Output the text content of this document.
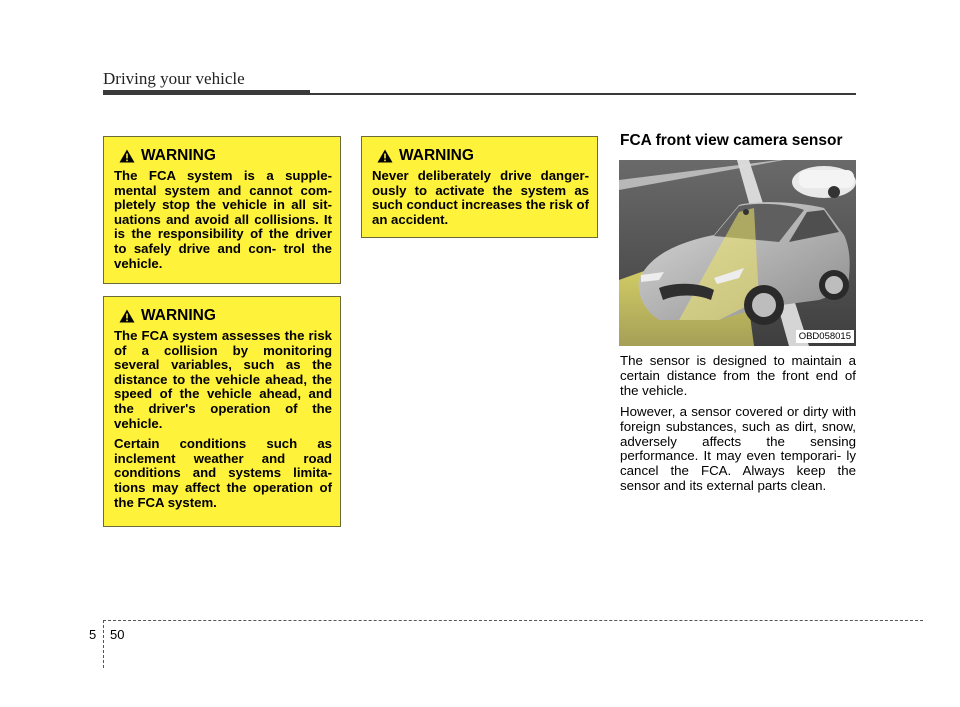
Driving your vehicle
WARNING

The FCA system is a supple- mental system and cannot com- pletely stop the vehicle in all sit- uations and avoid all collisions. It is the responsibility of the driver to safely drive and con- trol the vehicle.

WARNING

The FCA system assesses the risk of a collision by monitoring several variables, such as the distance to the vehicle ahead, the speed of the vehicle ahead, and the driver's operation of the vehicle.

Certain conditions such as inclement weather and road conditions and systems limita- tions may affect the operation of the FCA system.

WARNING

Never deliberately drive danger- ously to activate the system as such conduct increases the risk of an accident.

FCA front view camera sensor
OBD058015

The sensor is designed to maintain a certain distance from the front end of the vehicle.

However, a sensor covered or dirty with foreign substances, such as dirt, snow, adversely affects the sensing performance. It may even temporari- ly cancel the FCA. Always keep the sensor and its external parts clean.

5 50
